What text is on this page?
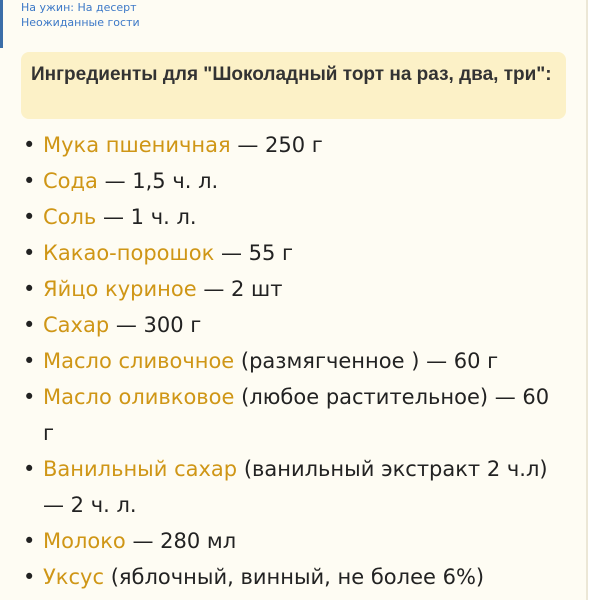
На ужин: На десерт
Неожиданные гости
Ингредиенты для "Шоколадный торт на раз, два, три":
• Мука пшеничная — 250 г
• Сода — 1,5 ч. л.
• Соль — 1 ч. л.
• Какао-порошок — 55 г
• Яйцо куриное — 2 шт
• Сахар — 300 г
• Масло сливочное (размягченное ) — 60 г
• Масло оливковое (любое растительное) — 60 г
• Ванильный сахар (ванильный экстракт 2 ч.л) — 2 ч. л.
• Молоко — 280 мл
• Уксус (яблочный, винный, не более 6%)
